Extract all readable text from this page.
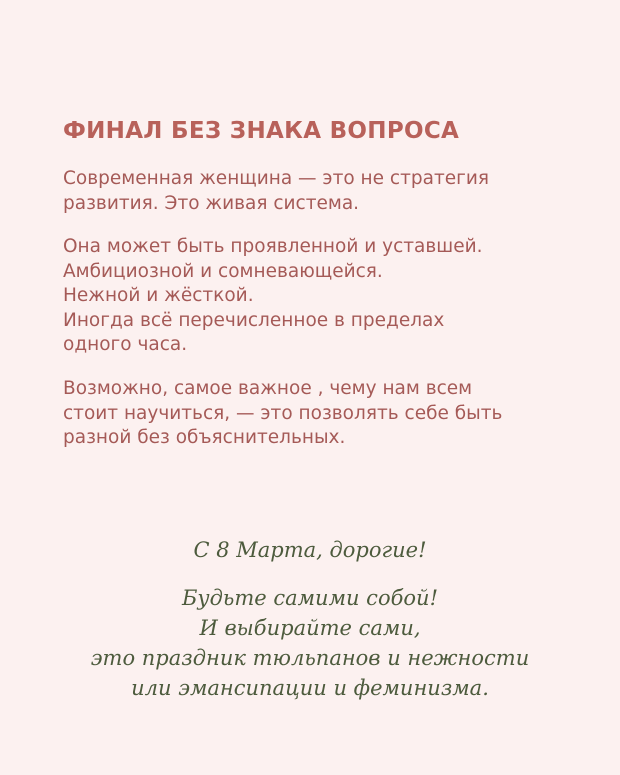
ФИНАЛ БЕЗ ЗНАКА ВОПРОСА
Современная женщина — это не стратегия
развития. Это живая система.
Она может быть проявленной и уставшей.
Амбициозной и сомневающейся.
Нежной и жёсткой.
Иногда всё перечисленное в пределах
одного часа.
Возможно, самое важное , чему нам всем
стоит научиться, — это позволять себе быть
разной без объяснительных.
С 8 Марта, дорогие!
Будьте самими собой!
И выбирайте сами,
это праздник тюльпанов и нежности
или эмансипации и феминизма.
